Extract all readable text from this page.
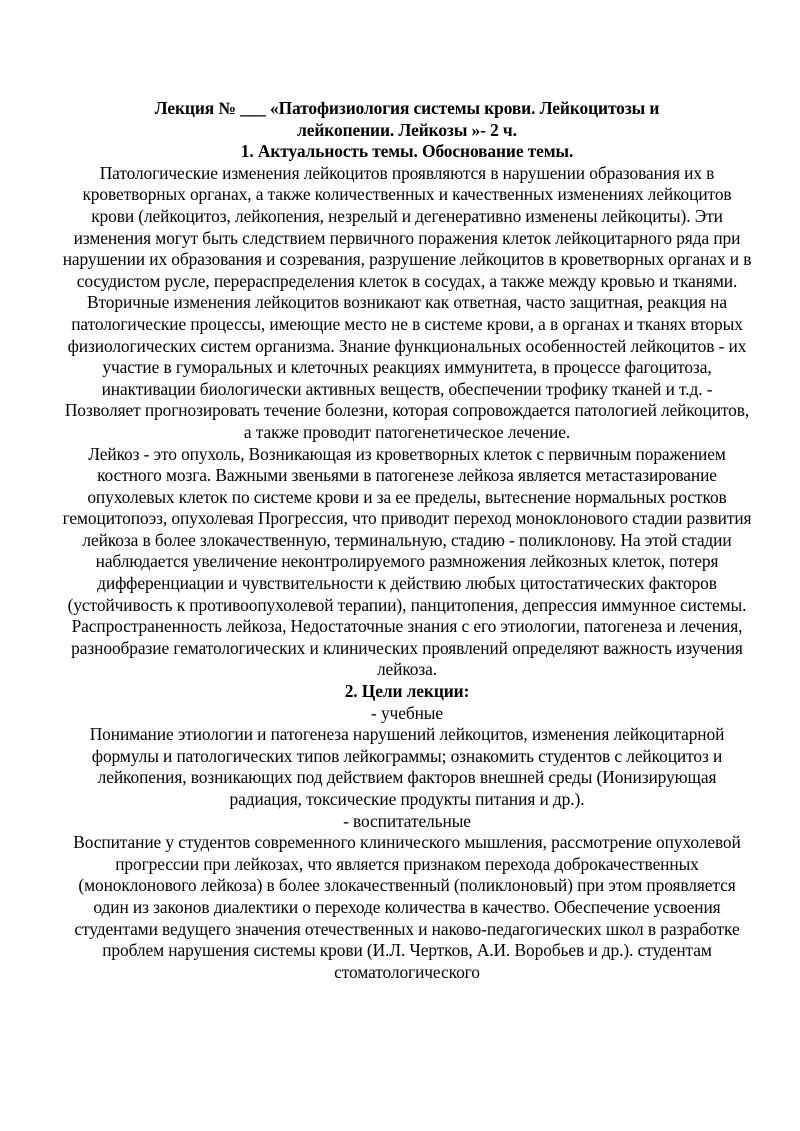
Лекция № ___ «Патофизиология системы крови. Лейкоцитозы и лейкопении. Лейкозы »- 2 ч.

1. Актуальность темы. Обоснование темы.

Патологические изменения лейкоцитов проявляются в нарушении образования их в кроветворных органах, а также количественных и качественных изменениях лейкоцитов крови (лейкоцитоз, лейкопения, незрелый и дегенеративно изменены лейкоциты). Эти изменения могут быть следствием первичного поражения клеток лейкоцитарного ряда при нарушении их образования и созревания, разрушение лейкоцитов в кроветворных органах и в сосудистом русле, перераспределения клеток в сосудах, а также между кровью и тканями. Вторичные изменения лейкоцитов возникают как ответная, часто защитная, реакция на патологические процессы, имеющие место не в системе крови, а в органах и тканях вторых физиологических систем организма. Знание функциональных особенностей лейкоцитов - их участие в гуморальных и клеточных реакциях иммунитета, в процессе фагоцитоза, инактивации биологически активных веществ, обеспечении трофику тканей и т.д. - Позволяет прогнозировать течение болезни, которая сопровождается патологией лейкоцитов, а также проводит патогенетическое лечение.

Лейкоз - это опухоль, Возникающая из кроветворных клеток с первичным поражением костного мозга. Важными звеньями в патогенезе лейкоза является метастазирование опухолевых клеток по системе крови и за ее пределы, вытеснение нормальных ростков гемоцитопоэз, опухолевая Прогрессия, что приводит переход моноклонового стадии развития лейкоза в более злокачественную, терминальную, стадию - поликлонову. На этой стадии наблюдается увеличение неконтролируемого размножения лейкозных клеток, потеря дифференциации и чувствительности к действию любых цитостатических факторов (устойчивость к противоопухолевой терапии), панцитопения, депрессия иммунное системы. Распространенность лейкоза, Недостаточные знания с его этиологии, патогенеза и лечения, разнообразие гематологических и клинических проявлений определяют важность изучения лейкоза.

2. Цели лекции:

- учебные

Понимание этиологии и патогенеза нарушений лейкоцитов, изменения лейкоцитарной формулы и патологических типов лейкограммы; ознакомить студентов с лейкоцитоз и лейкопения, возникающих под действием факторов внешней среды (Ионизирующая радиация, токсические продукты питания и др.).

- воспитательные

Воспитание у студентов современного клинического мышления, рассмотрение опухолевой прогрессии при лейкозах, что является признаком перехода доброкачественных (моноклонового лейкоза) в более злокачественный (поликлоновый) при этом проявляется один из законов диалектики о переходе количества в качество. Обеспечение усвоения студентами ведущего значения отечественных и наково-педагогических школ в разработке проблем нарушения системы крови (И.Л. Чертков, А.И. Воробьев и др.). студентам стоматологического
